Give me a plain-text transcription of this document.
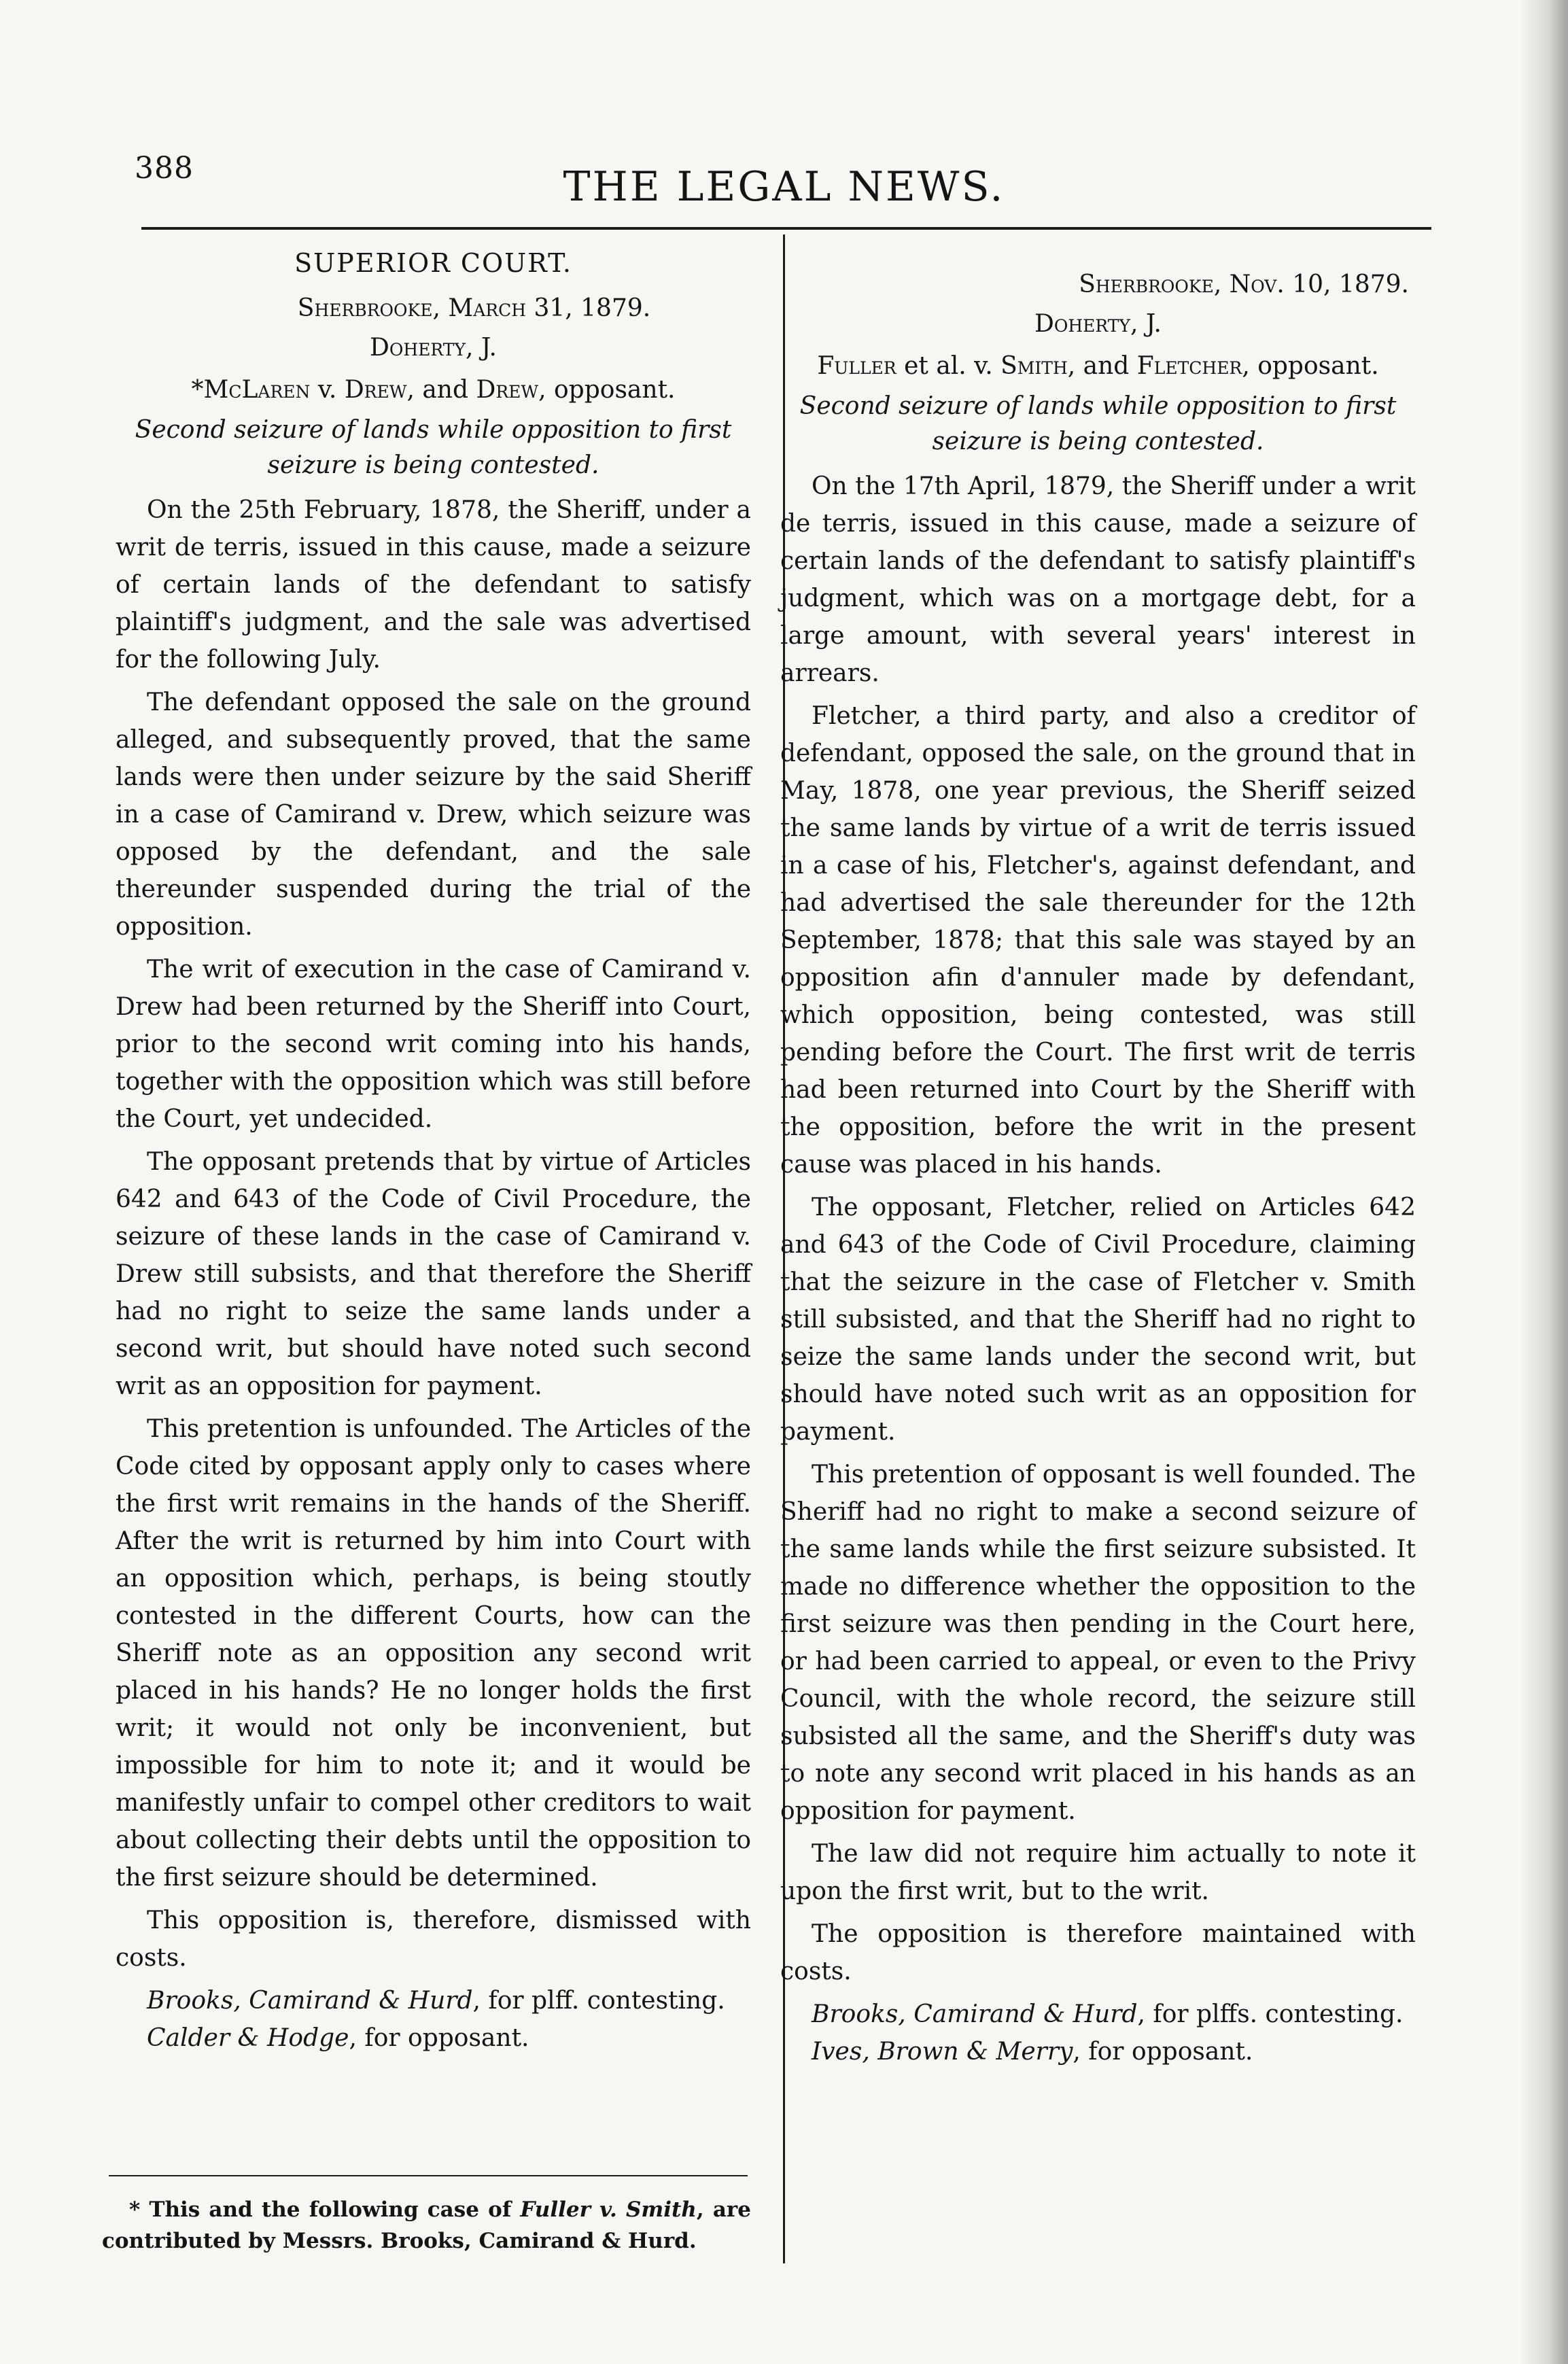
388	THE LEGAL NEWS.
SUPERIOR COURT.
Sherbrooke, March 31, 1879.
Doherty, J.
*McLaren v. Drew, and Drew, opposant.
Second seizure of lands while opposition to first seizure is being contested.

On the 25th February, 1878, the Sheriff, under a writ de terris, issued in this cause, made a seizure of certain lands of the defendant to satisfy plaintiff's judgment, and the sale was advertised for the following July.

The defendant opposed the sale on the ground alleged, and subsequently proved, that the same lands were then under seizure by the said Sheriff in a case of Camirand v. Drew, which seizure was opposed by the defendant, and the sale thereunder suspended during the trial of the opposition.

The writ of execution in the case of Camirand v. Drew had been returned by the Sheriff into Court, prior to the second writ coming into his hands, together with the opposition which was still before the Court, yet undecided.

The opposant pretends that by virtue of Articles 642 and 643 of the Code of Civil Procedure, the seizure of these lands in the case of Camirand v. Drew still subsists, and that therefore the Sheriff had no right to seize the same lands under a second writ, but should have noted such second writ as an opposition for payment.

This pretention is unfounded. The Articles of the Code cited by opposant apply only to cases where the first writ remains in the hands of the Sheriff. After the writ is returned by him into Court with an opposition which, perhaps, is being stoutly contested in the different Courts, how can the Sheriff note as an opposition any second writ placed in his hands? He no longer holds the first writ; it would not only be inconvenient, but impossible for him to note it; and it would be manifestly unfair to compel other creditors to wait about collecting their debts until the opposition to the first seizure should be determined.

This opposition is, therefore, dismissed with costs.

Brooks, Camirand & Hurd, for plff. contesting.

Calder & Hodge, for opposant.

Sherbrooke, Nov. 10, 1879.
Doherty, J.
Fuller et al. v. Smith, and Fletcher, opposant.
Second seizure of lands while opposition to first seizure is being contested.

On the 17th April, 1879, the Sheriff under a writ de terris, issued in this cause, made a seizure of certain lands of the defendant to satisfy plaintiff's judgment, which was on a mortgage debt, for a large amount, with several years' interest in arrears.

Fletcher, a third party, and also a creditor of defendant, opposed the sale, on the ground that in May, 1878, one year previous, the Sheriff seized the same lands by virtue of a writ de terris issued in a case of his, Fletcher's, against defendant, and had advertised the sale thereunder for the 12th September, 1878; that this sale was stayed by an opposition afin d'annuler made by defendant, which opposition, being contested, was still pending before the Court. The first writ de terris had been returned into Court by the Sheriff with the opposition, before the writ in the present cause was placed in his hands.

The opposant, Fletcher, relied on Articles 642 and 643 of the Code of Civil Procedure, claiming that the seizure in the case of Fletcher v. Smith still subsisted, and that the Sheriff had no right to seize the same lands under the second writ, but should have noted such writ as an opposition for payment.

This pretention of opposant is well founded. The Sheriff had no right to make a second seizure of the same lands while the first seizure subsisted. It made no difference whether the opposition to the first seizure was then pending in the Court here, or had been carried to appeal, or even to the Privy Council, with the whole record, the seizure still subsisted all the same, and the Sheriff's duty was to note any second writ placed in his hands as an opposition for payment.

The law did not require him actually to note it upon the first writ, but to the writ.

The opposition is therefore maintained with costs.

Brooks, Camirand & Hurd, for plffs. contesting.

Ives, Brown & Merry, for opposant.

* This and the following case of Fuller v. Smith, are contributed by Messrs. Brooks, Camirand & Hurd.
